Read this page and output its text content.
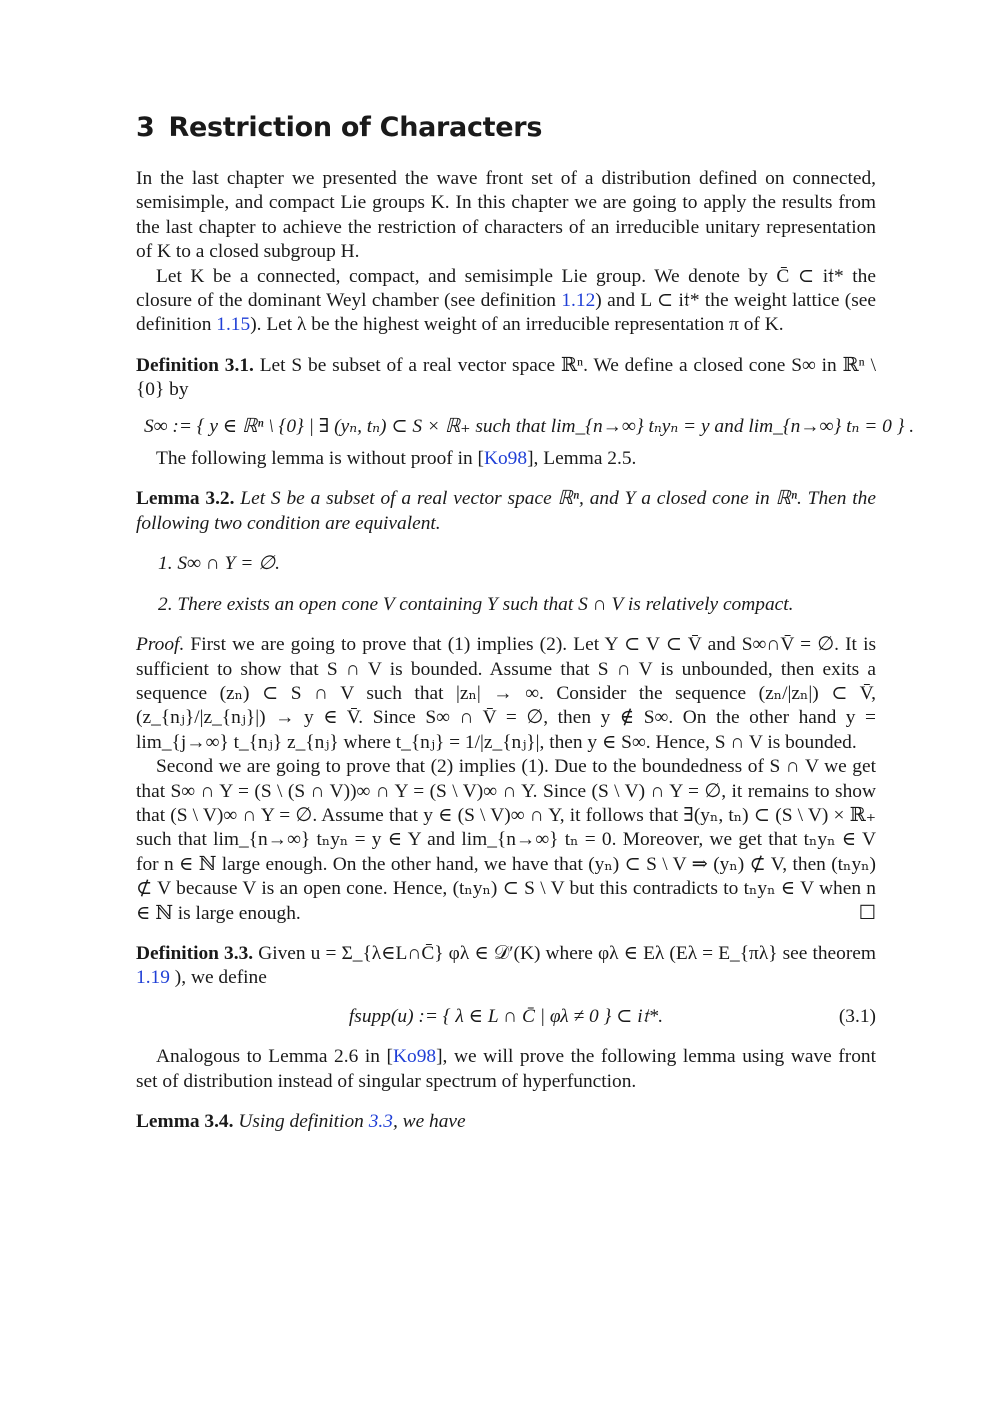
3 Restriction of Characters

In the last chapter we presented the wave front set of a distribution defined on connected, semisimple, and compact Lie groups K. In this chapter we are going to apply the results from the last chapter to achieve the restriction of characters of an irreducible unitary representation of K to a closed subgroup H.

Let K be a connected, compact, and semisimple Lie group. We denote by C̄ ⊂ i𝔱* the closure of the dominant Weyl chamber (see definition 1.12) and L ⊂ i𝔱* the weight lattice (see definition 1.15). Let λ be the highest weight of an irreducible representation π of K.

Definition 3.1. Let S be subset of a real vector space ℝⁿ. We define a closed cone S∞ in ℝⁿ \ {0} by

S∞ := { y ∈ ℝⁿ \ {0} | ∃ (yₙ, tₙ) ⊂ S × ℝ₊ such that lim_{n→∞} tₙyₙ = y and lim_{n→∞} tₙ = 0 } .

The following lemma is without proof in [Ko98], Lemma 2.5.

Lemma 3.2. Let S be a subset of a real vector space ℝⁿ, and Y a closed cone in ℝⁿ. Then the following two condition are equivalent.

1. S∞ ∩ Y = ∅.
2. There exists an open cone V containing Y such that S ∩ V is relatively compact.

Proof. First we are going to prove that (1) implies (2). Let Y ⊂ V ⊂ V̄ and S∞∩V̄ = ∅. It is sufficient to show that S ∩ V is bounded. Assume that S ∩ V is unbounded, then exits a sequence (zₙ) ⊂ S ∩ V such that |zₙ| → ∞. Consider the sequence (zₙ/|zₙ|) ⊂ V̄, (z_{nⱼ}/|z_{nⱼ}|) → y ∈ V̄. Since S∞ ∩ V̄ = ∅, then y ∉ S∞. On the other hand y = lim_{j→∞} t_{nⱼ} z_{nⱼ} where t_{nⱼ} = 1/|z_{nⱼ}|, then y ∈ S∞. Hence, S ∩ V is bounded.

Second we are going to prove that (2) implies (1). Due to the boundedness of S ∩ V we get that S∞ ∩ Y = (S \ (S ∩ V))∞ ∩ Y = (S \ V)∞ ∩ Y. Since (S \ V) ∩ Y = ∅, it remains to show that (S \ V)∞ ∩ Y = ∅. Assume that y ∈ (S \ V)∞ ∩ Y, it follows that ∃(yₙ, tₙ) ⊂ (S \ V) × ℝ₊ such that lim_{n→∞} tₙyₙ = y ∈ Y and lim_{n→∞} tₙ = 0. Moreover, we get that tₙyₙ ∈ V for n ∈ ℕ large enough. On the other hand, we have that (yₙ) ⊂ S \ V ⇒ (yₙ) ⊄ V, then (tₙyₙ) ⊄ V because V is an open cone. Hence, (tₙyₙ) ⊂ S \ V but this contradicts to tₙyₙ ∈ V when n ∈ ℕ is large enough.	☐

Definition 3.3. Given u = Σ_{λ∈L∩C̄} φλ ∈ 𝒟′(K) where φλ ∈ Eλ (Eλ = E_{πλ} see theorem 1.19 ), we define

fsupp(u) := { λ ∈ L ∩ C̄ | φλ ≠ 0 } ⊂ i𝔱*.	(3.1)

Analogous to Lemma 2.6 in [Ko98], we will prove the following lemma using wave front set of distribution instead of singular spectrum of hyperfunction.

Lemma 3.4. Using definition 3.3, we have
